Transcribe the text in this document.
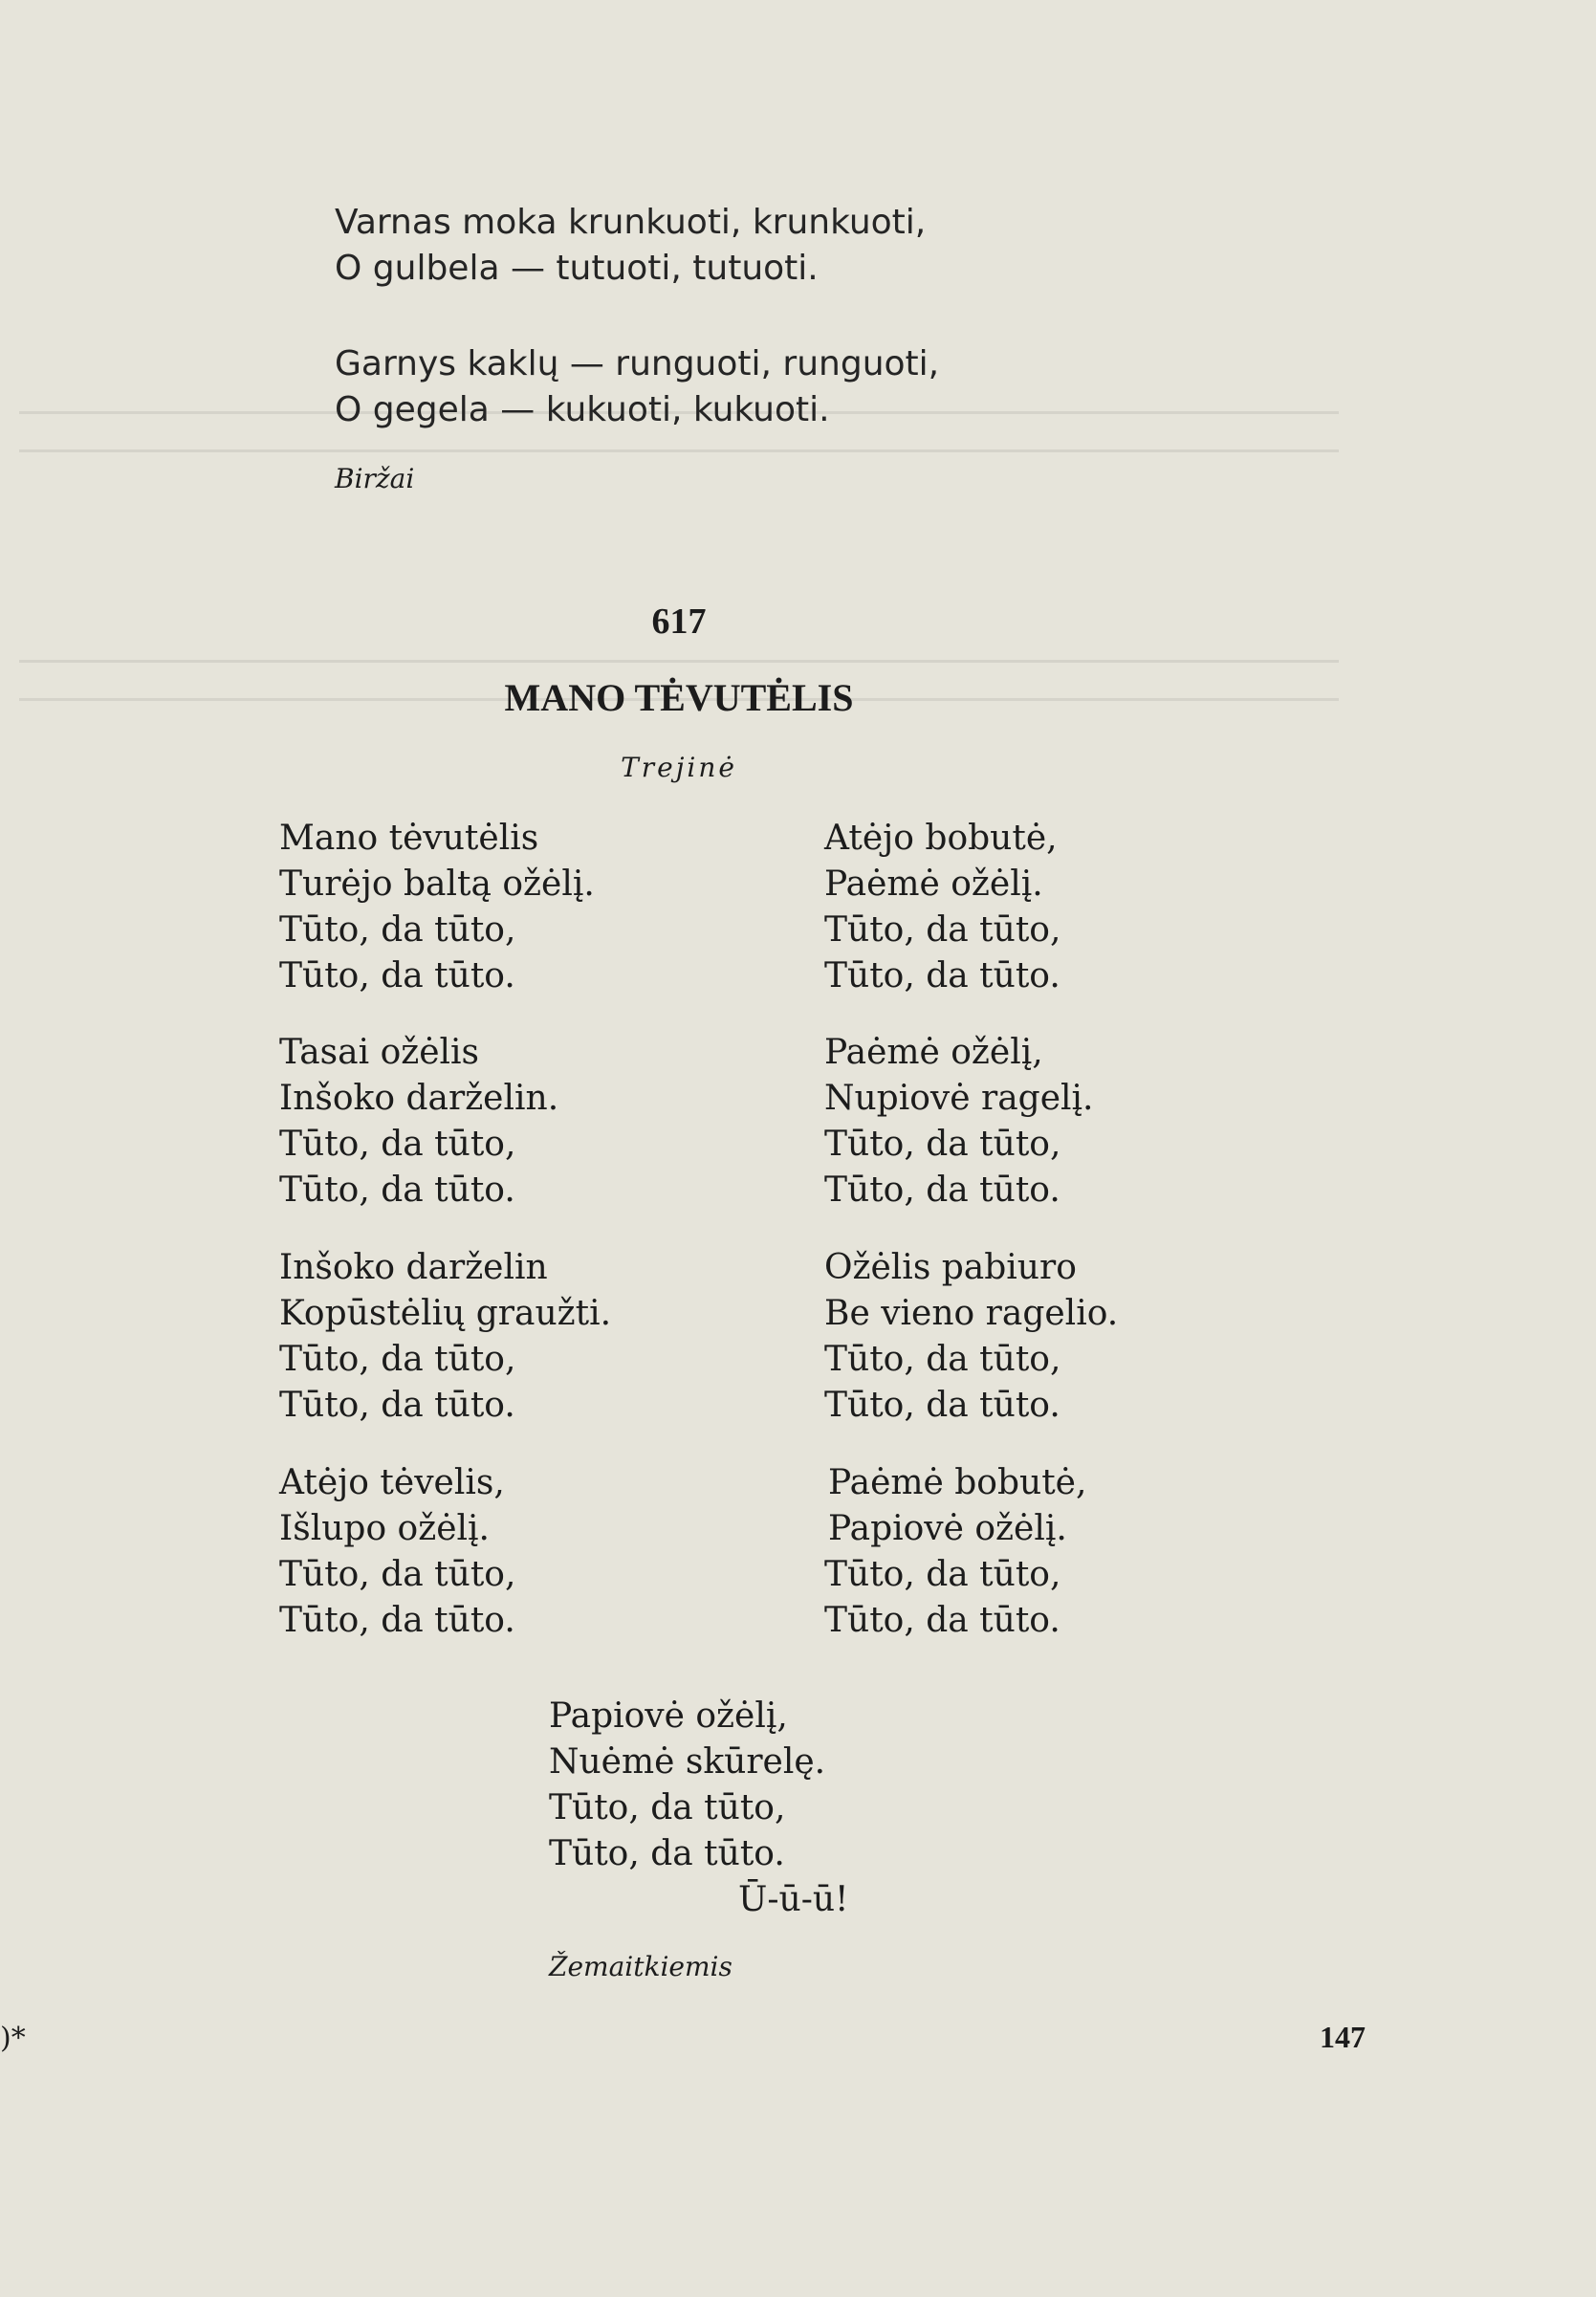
Varnas moka krunkuoti, krunkuoti,
O gulbela — tutuoti, tutuoti.
Garnys kaklų — runguoti, runguoti,
O gegela — kukuoti, kukuoti.
Biržai
617
MANO TĖVUTĖLIS
Trejinė
Mano tėvutėlis
Turėjo baltą ožėlį.
Tūto, da tūto,
Tūto, da tūto.
Tasai ožėlis
Inšoko darželin.
Tūto, da tūto,
Tūto, da tūto.
Inšoko darželin
Kopūstėlių graužti.
Tūto, da tūto,
Tūto, da tūto.
Atėjo tėvelis,
Išlupo ožėlį.
Tūto, da tūto,
Tūto, da tūto.
Atėjo bobutė,
Paėmė ožėlį.
Tūto, da tūto,
Tūto, da tūto.
Paėmė ožėlį,
Nupiovė ragelį.
Tūto, da tūto,
Tūto, da tūto.
Ožėlis pabiuro
Be vieno ragelio.
Tūto, da tūto,
Tūto, da tūto.
Paėmė bobutė,
Papiovė ožėlį.
Tūto, da tūto,
Tūto, da tūto.
Papiovė ožėlį,
Nuėmė skūrelę.
Tūto, da tūto,
Tūto, da tūto.
Ū-ū-ū!
Žemaitkiemis
)*	147
